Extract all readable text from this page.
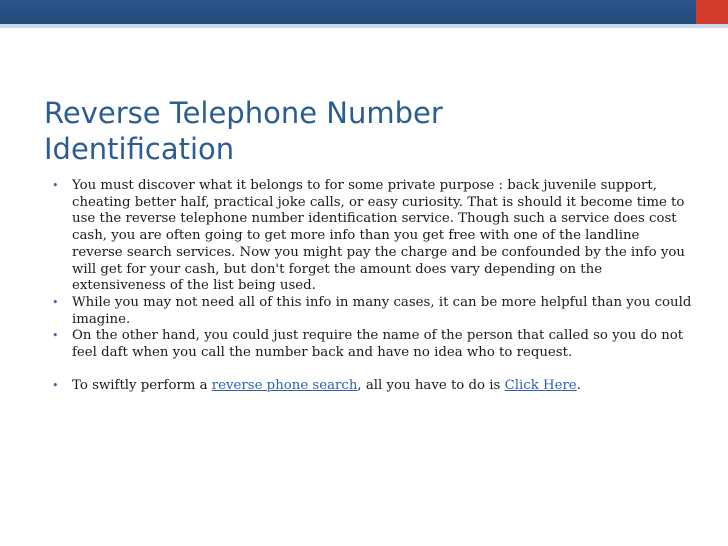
Reverse Telephone Number
Identification
• You must discover what it belongs to for some private purpose : back juvenile support, cheating better half, practical joke calls, or easy curiosity. That is should it become time to use the reverse telephone number identification service. Though such a service does cost cash, you are often going to get more info than you get free with one of the landline reverse search services. Now you might pay the charge and be confounded by the info you will get for your cash, but don't forget the amount does vary depending on the extensiveness of the list being used.
• While you may not need all of this info in many cases, it can be more helpful than you could imagine.
• On the other hand, you could just require the name of the person that called so you do not feel daft when you call the number back and have no idea who to request.
• To swiftly perform a reverse phone search, all you have to do is Click Here.
